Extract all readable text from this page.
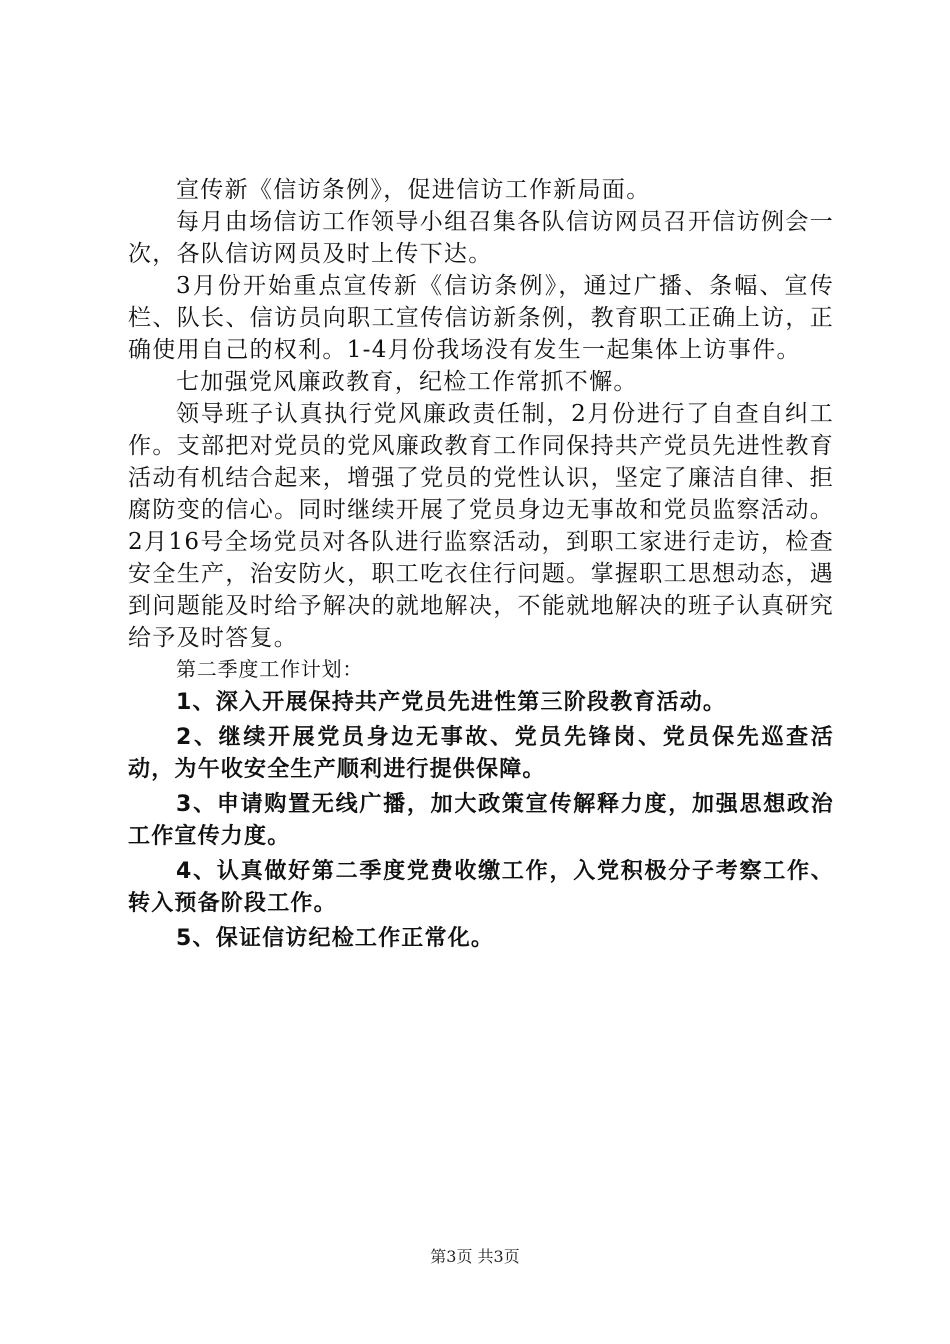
宣传新《信访条例》，促进信访工作新局面。

每月由场信访工作领导小组召集各队信访网员召开信访例会一次，各队信访网员及时上传下达。

3月份开始重点宣传新《信访条例》，通过广播、条幅、宣传栏、队长、信访员向职工宣传信访新条例，教育职工正确上访，正确使用自己的权利。1-4月份我场没有发生一起集体上访事件。

七加强党风廉政教育，纪检工作常抓不懈。

领导班子认真执行党风廉政责任制，2月份进行了自查自纠工作。支部把对党员的党风廉政教育工作同保持共产党员先进性教育活动有机结合起来，增强了党员的党性认识，坚定了廉洁自律、拒腐防变的信心。同时继续开展了党员身边无事故和党员监察活动。2月16号全场党员对各队进行监察活动，到职工家进行走访，检查安全生产，治安防火，职工吃衣住行问题。掌握职工思想动态，遇到问题能及时给予解决的就地解决，不能就地解决的班子认真研究给予及时答复。

第二季度工作计划：

1、深入开展保持共产党员先进性第三阶段教育活动。

2、继续开展党员身边无事故、党员先锋岗、党员保先巡查活动，为午收安全生产顺利进行提供保障。

3、申请购置无线广播，加大政策宣传解释力度，加强思想政治工作宣传力度。

4、认真做好第二季度党费收缴工作，入党积极分子考察工作、转入预备阶段工作。

5、保证信访纪检工作正常化。

第3页 共3页
